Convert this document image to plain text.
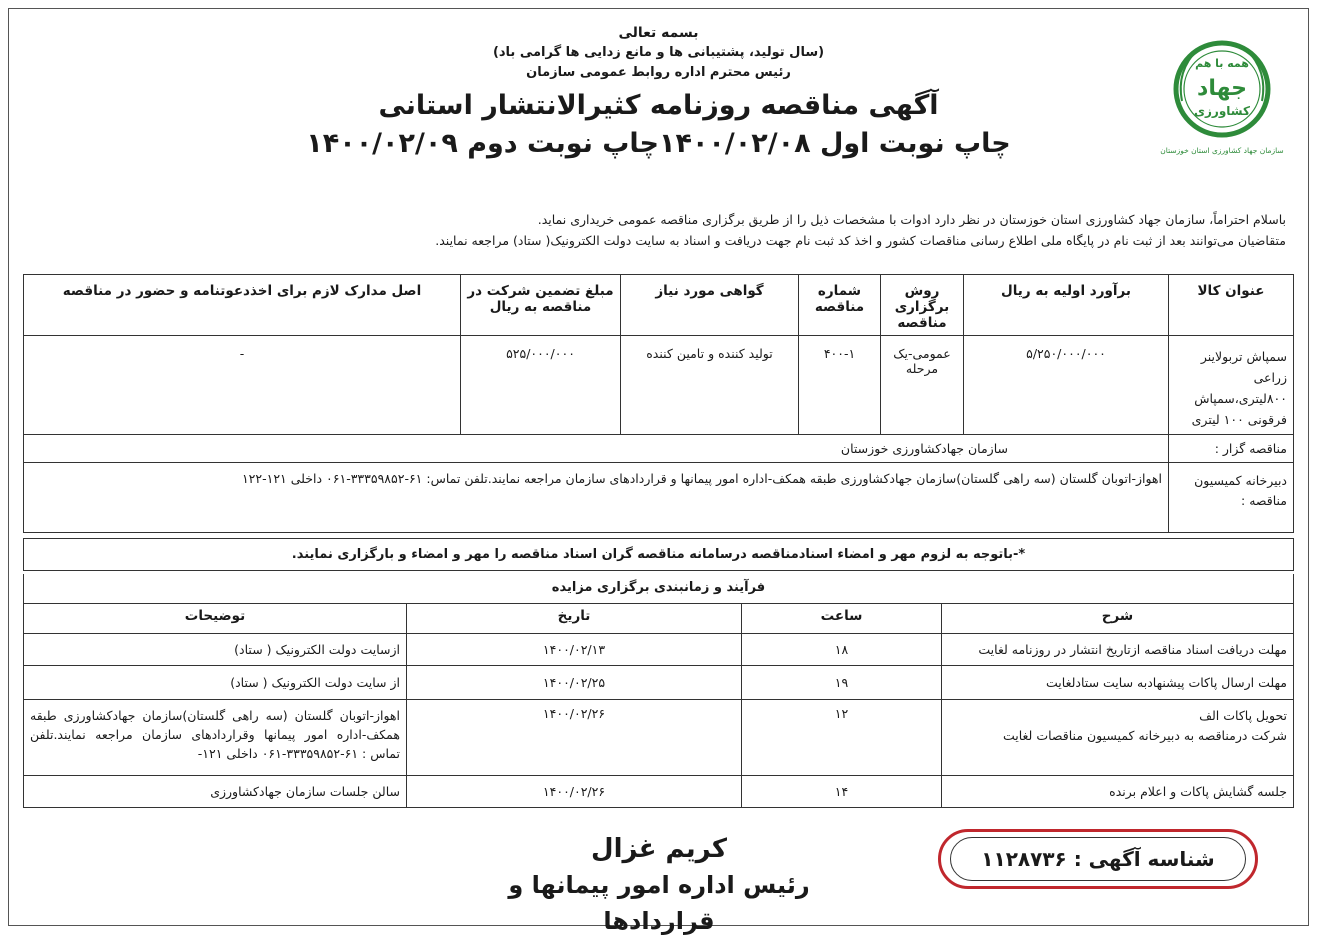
همه با هم
جهاد
کشاورزی
سازمان جهاد کشاورزی استان خوزستان
بسمه تعالی
(سال تولید، پشتیبانی ها و مانع زدایی ها گرامی باد)
رئیس محترم اداره روابط عمومی سازمان
آگهی مناقصه روزنامه کثیرالانتشار استانی
چاپ نوبت اول ۱۴۰۰/۰۲/۰۸چاپ نوبت دوم ۱۴۰۰/۰۲/۰۹
باسلام احتراماً، سازمان جهاد کشاورزی استان خوزستان در نظر دارد ادوات با مشخصات ذیل را از طریق برگزاری مناقصه عمومی خریداری نماید.
متقاضیان می‌توانند بعد از ثبت نام در پایگاه ملی اطلاع رسانی مناقصات کشور و اخذ کد ثبت نام جهت دریافت و اسناد به سایت دولت الکترونیک( ستاد) مراجعه نمایند.
عنوان کالا	برآورد اولیه به ریال	روش برگزاری مناقصه	شماره مناقصه	گواهی مورد نیاز	مبلغ تضمین شرکت در مناقصه به ریال	اصل مدارک لازم برای اخذدعوتنامه و حضور در مناقصه
سمپاش تربولاینر زراعی ۸۰۰لیتری،سمپاش فرقونی ۱۰۰ لیتری	۵/۲۵۰/۰۰۰/۰۰۰	عمومی-یک مرحله	۴۰۰-۱	تولید کننده و تامین کننده	۵۲۵/۰۰۰/۰۰۰	-
مناقصه گزار :	سازمان جهادکشاورزی خوزستان					
دبیرخانه کمیسیون مناقصه :	اهواز-اتوبان گلستان (سه راهی گلستان)سازمان جهادکشاورزی طبقه همکف-اداره امور پیمانها و قراردادهای سازمان مراجعه نمایند.تلفن تماس: ۶۱-۳۳۳۵۹۸۵۲-۰۶۱ داخلی ۱۲۱-۱۲۲					
*-باتوجه به لزوم مهر و امضاء اسنادمناقصه درسامانه مناقصه گران اسناد مناقصه را مهر و امضاء و بارگزاری نمایند.

فرآیند و زمانبندی برگزاری مزایده
شرح	ساعت	تاریخ	توضیحات
مهلت دریافت اسناد مناقصه ازتاریخ انتشار در روزنامه لغایت	۱۸	۱۴۰۰/۰۲/۱۳	ازسایت دولت الکترونیک ( ستاد)
مهلت ارسال پاکات پیشنهادبه سایت ستادلغایت	۱۹	۱۴۰۰/۰۲/۲۵	از سایت دولت الکترونیک ( ستاد)
تحویل پاکات الف
شرکت درمناقصه به دبیرخانه کمیسیون مناقصات لغایت	۱۲	۱۴۰۰/۰۲/۲۶	اهواز-اتوبان گلستان (سه راهی گلستان)سازمان جهادکشاورزی طبقه همکف-اداره امور پیمانها وقراردادهای سازمان مراجعه نمایند.تلفن تماس : ۶۱-۳۳۳۵۹۸۵۲-۰۶۱ داخلی ۱۲۱-
جلسه گشایش پاکات و اعلام برنده	۱۴	۱۴۰۰/۰۲/۲۶	سالن جلسات سازمان جهادکشاورزی
کریم غزال
رئیس اداره امور پیمانها و قراردادها
شناسه آگهی : ۱۱۲۸۷۳۶
